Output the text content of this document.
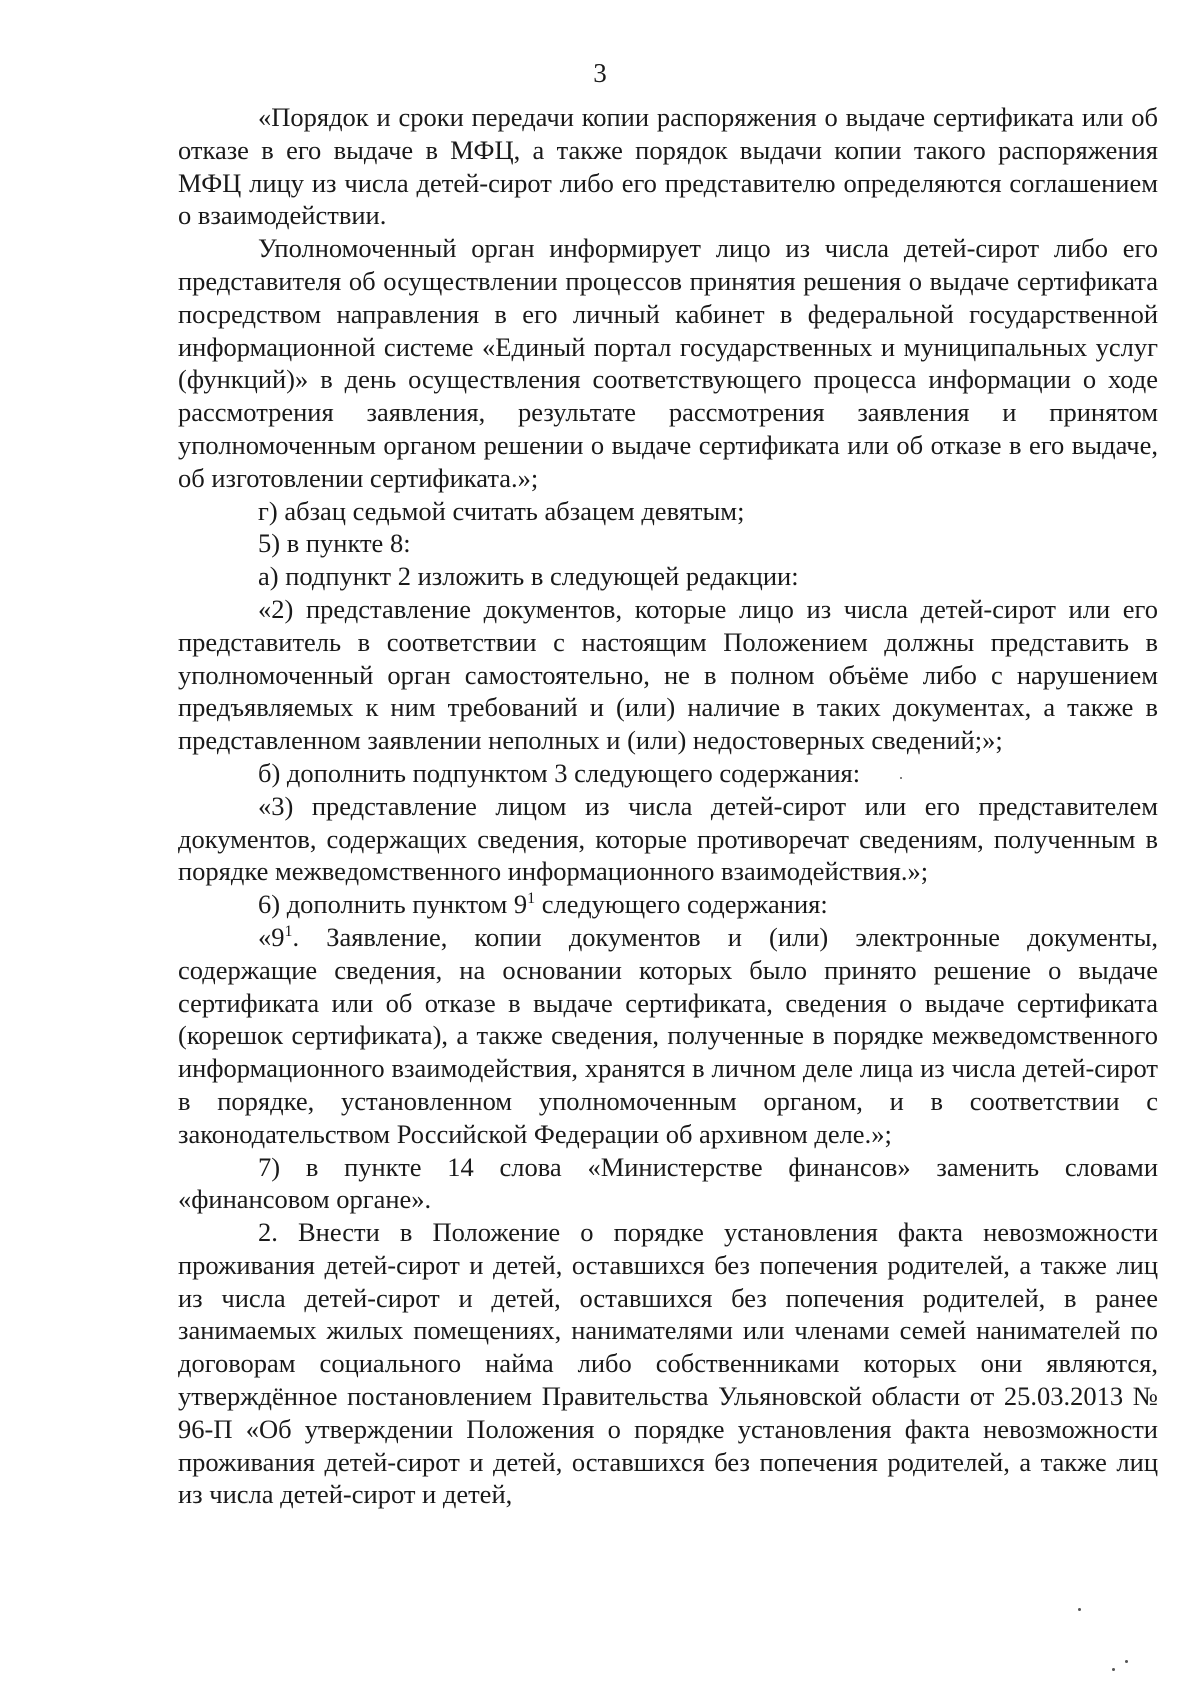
3

«Порядок и сроки передачи копии распоряжения о выдаче сертификата или об отказе в его выдаче в МФЦ, а также порядок выдачи копии такого распоряжения МФЦ лицу из числа детей-сирот либо его представителю определяются соглашением о взаимодействии.

Уполномоченный орган информирует лицо из числа детей-сирот либо его представителя об осуществлении процессов принятия решения о выдаче сертификата посредством направления в его личный кабинет в федеральной государственной информационной системе «Единый портал государственных и муниципальных услуг (функций)» в день осуществления соответствующего процесса информации о ходе рассмотрения заявления, результате рассмотрения заявления и принятом уполномоченным органом решении о выдаче сертификата или об отказе в его выдаче, об изготовлении сертификата.»;

г) абзац седьмой считать абзацем девятым;

5) в пункте 8:

а) подпункт 2 изложить в следующей редакции:

«2) представление документов, которые лицо из числа детей-сирот или его представитель в соответствии с настоящим Положением должны представить в уполномоченный орган самостоятельно, не в полном объёме либо с нарушением предъявляемых к ним требований и (или) наличие в таких документах, а также в представленном заявлении неполных и (или) недостоверных сведений;»;

б) дополнить подпунктом 3 следующего содержания:

«3) представление лицом из числа детей-сирот или его представителем документов, содержащих сведения, которые противоречат сведениям, полученным в порядке межведомственного информационного взаимодействия.»;

6) дополнить пунктом $9^1$ следующего содержания:

«$9^1$. Заявление, копии документов и (или) электронные документы, содержащие сведения, на основании которых было принято решение о выдаче сертификата или об отказе в выдаче сертификата, сведения о выдаче сертификата (корешок сертификата), а также сведения, полученные в порядке межведомственного информационного взаимодействия, хранятся в личном деле лица из числа детей-сирот в порядке, установленном уполномоченным органом, и в соответствии с законодательством Российской Федерации об архивном деле.»;

7) в пункте 14 слова «Министерстве финансов» заменить словами «финансовом органе».

2. Внести в Положение о порядке установления факта невозможности проживания детей-сирот и детей, оставшихся без попечения родителей, а также лиц из числа детей-сирот и детей, оставшихся без попечения родителей, в ранее занимаемых жилых помещениях, нанимателями или членами семей нанимателей по договорам социального найма либо собственниками которых они являются, утверждённое постановлением Правительства Ульяновской области от 25.03.2013 № 96-П «Об утверждении Положения о порядке установления факта невозможности проживания детей-сирот и детей, оставшихся без попечения родителей, а также лиц из числа детей-сирот и детей,
